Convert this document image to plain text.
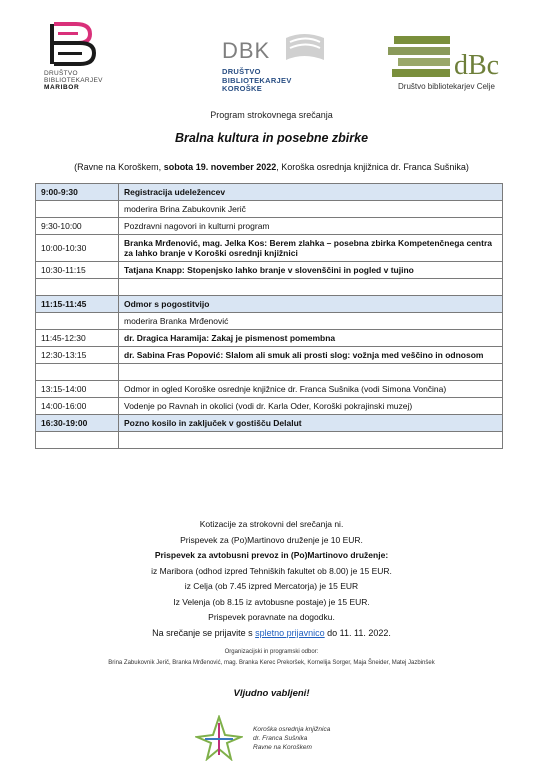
DRUŠTVO
BIBLIOTEKARJEV
MARIBOR
DBK
DRUŠTVO
BIBLIOTEKARJEV
KOROŠKE
dBc
Društvo bibliotekarjev Celje
Program strokovnega srečanja
Bralna kultura in posebne zbirke
(Ravne na Koroškem, sobota 19. november 2022, Koroška osrednja knjižnica dr. Franca Sušnika)
9:00-9:30	Registracija udeležencev
	moderira Brina Zabukovnik Jerič
9:30-10:00	Pozdravni nagovori in kulturni program
10:00-10:30	Branka Mrđenović, mag. Jelka Kos: Berem zlahka – posebna zbirka Kompetenčnega centra za lahko branje v Koroški osrednji knjižnici
10:30-11:15	Tatjana Knapp: Stopenjsko lahko branje v slovenščini in pogled v tujino

11:15-11:45	Odmor s pogostitvijo
	moderira Branka Mrđenović
11:45-12:30	dr. Dragica Haramija: Zakaj je pismenost pomembna
12:30-13:15	dr. Sabina Fras Popović: Slalom ali smuk ali prosti slog: vožnja med veščino in odnosom

13:15-14:00	Odmor in ogled Koroške osrednje knjižnice dr. Franca Sušnika (vodi Simona Vončina)
14:00-16:00	Vodenje po Ravnah in okolici (vodi dr. Karla Oder, Koroški pokrajinski muzej)
16:30-19:00	Pozno kosilo in zaključek v gostišču Delalut

Kotizacije za strokovni del srečanja ni.
Prispevek za (Po)Martinovo druženje je 10 EUR.
Prispevek za avtobusni prevoz in (Po)Martinovo druženje:
iz Maribora (odhod izpred Tehniških fakultet ob 8.00) je 15 EUR.
iz Celja (ob 7.45 izpred Mercatorja) je 15 EUR
Iz Velenja (ob 8.15 iz avtobusne postaje) je 15 EUR.
Prispevek poravnate na dogodku.
Na srečanje se prijavite s spletno prijavnico do 11. 11. 2022.
Organizacijski in programski odbor:
Brina Zabukovnik Jerič, Branka Mrđenović, mag. Branka Kerec Prekoršek, Kornelija Sorger, Maja Šneider, Matej Jazbinšek
Vljudno vabljeni!
Koroška osrednja knjižnica
dr. Franca Sušnika
Ravne na Koroškem
